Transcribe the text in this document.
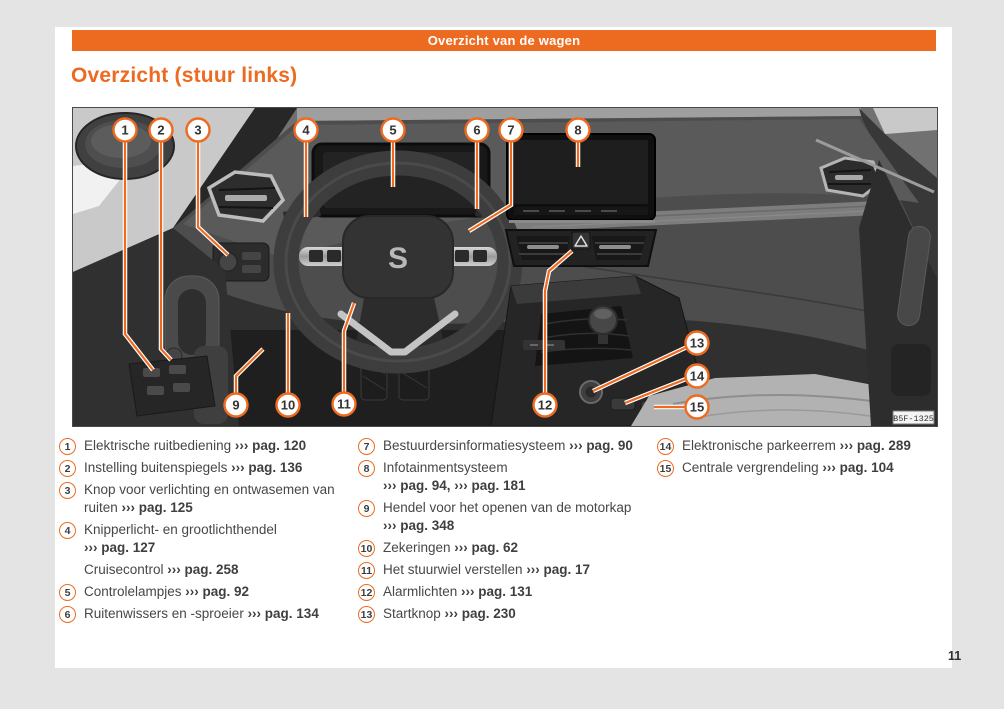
Overzicht van de wagen
Overzicht (stuur links)
S
B5F-1325
1 2 3	4	5	6 7	8
9	10	11	12
13
14
15
1	Elektrische ruitbediening ››› pag. 120
2	Instelling buitenspiegels ››› pag. 136
3	Knop voor verlichting en ontwasemen van ruiten ››› pag. 125
4	Knipperlicht- en grootlichthendel ››› pag. 127
Cruisecontrol ››› pag. 258
5	Controlelampjes ››› pag. 92
6	Ruitenwissers en -sproeier ››› pag. 134
7	Bestuurdersinformatiesysteem ››› pag. 90
8	Infotainmentsysteem ››› pag. 94, ››› pag. 181
9	Hendel voor het openen van de motorkap ››› pag. 348
10 Zekeringen ››› pag. 62
11 Het stuurwiel verstellen ››› pag. 17
12 Alarmlichten ››› pag. 131
13 Startknop ››› pag. 230
14 Elektronische parkeerrem ››› pag. 289
15 Centrale vergrendeling ››› pag. 104
11
